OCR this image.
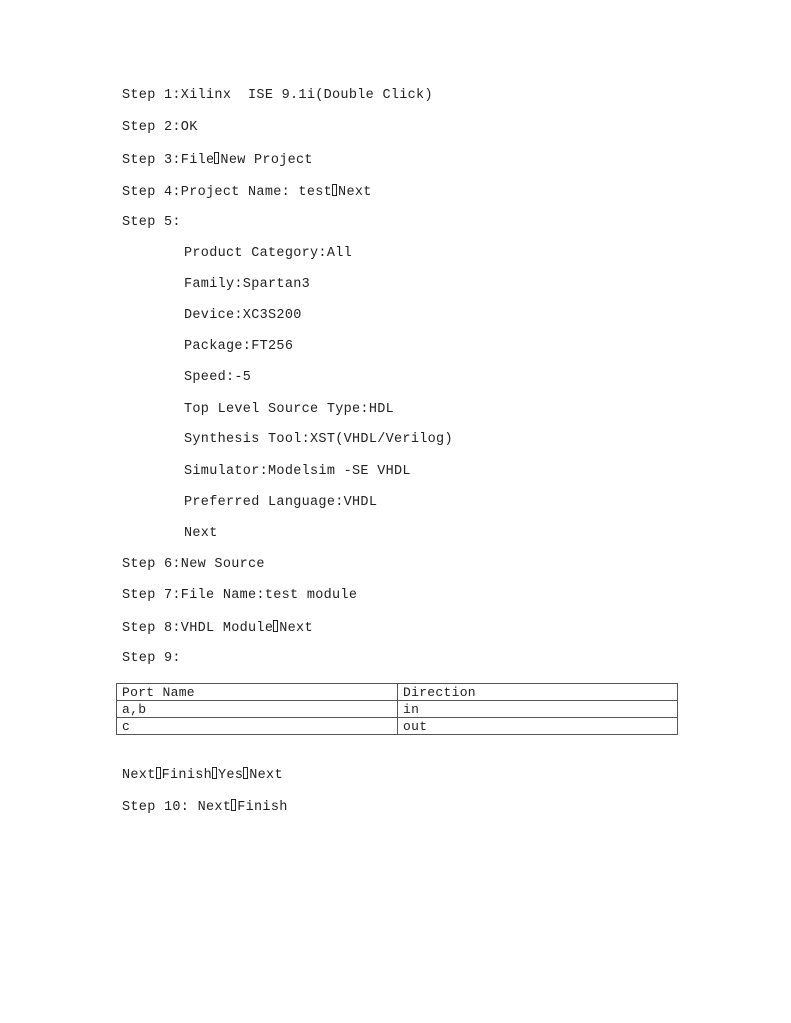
Step 1:Xilinx  ISE 9.1i(Double Click)
Step 2:OK
Step 3:File New Project
Step 4:Project Name: test Next
Step 5:
Product Category:All
Family:Spartan3
Device:XC3S200
Package:FT256
Speed:-5
Top Level Source Type:HDL
Synthesis Tool:XST(VHDL/Verilog)
Simulator:Modelsim -SE VHDL
Preferred Language:VHDL
Next
Step 6:New Source
Step 7:File Name:test module
Step 8:VHDL Module Next
Step 9:
Port Name	Direction
a,b	in
c	out
Next Finish Yes Next
Step 10: Next Finish
